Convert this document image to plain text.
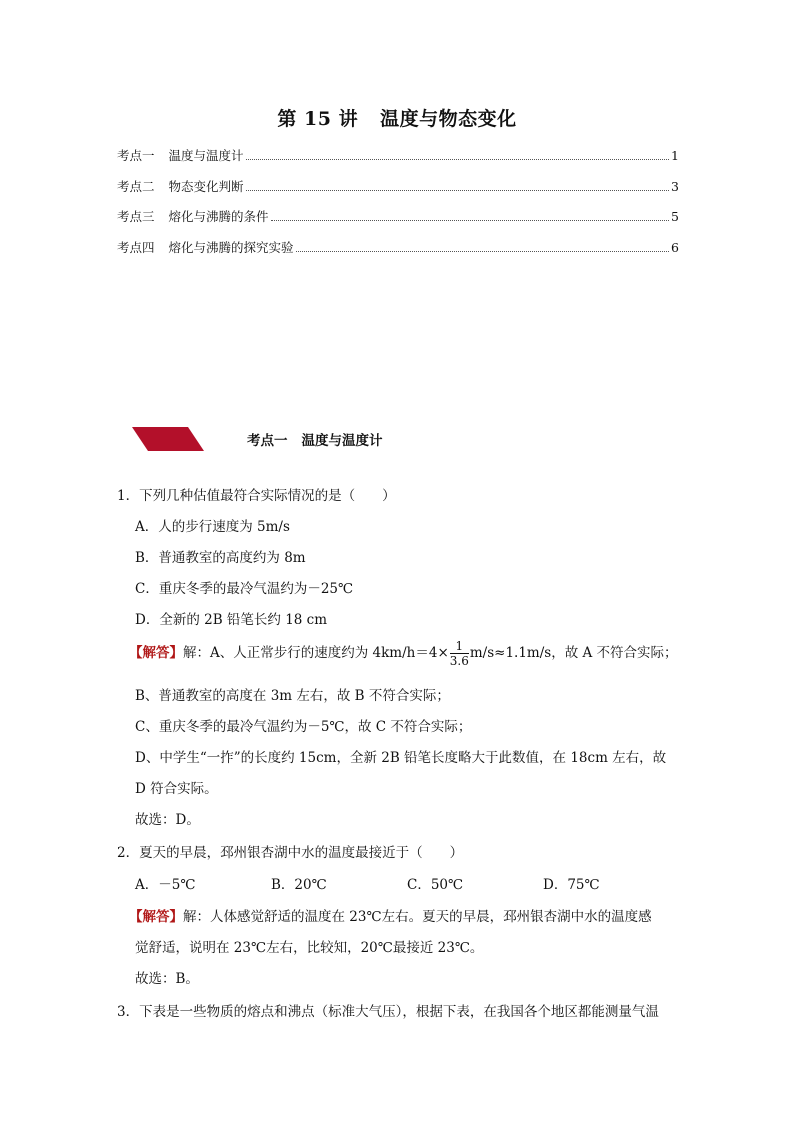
第 15 讲 温度与物态变化
考点一 温度与温度计	1
考点二 物态变化判断	3
考点三 熔化与沸腾的条件	5
考点四 熔化与沸腾的探究实验	6
考点一 温度与温度计
1．下列几种估值最符合实际情况的是（　　）
A．人的步行速度为 5m/s
B．普通教室的高度约为 8m
C．重庆冬季的最冷气温约为－25℃
D．全新的 2B 铅笔长约 18 cm
【解答】解：A、人正常步行的速度约为 $4km/h=4\times \frac{1}{3.6} m/s\approx 1.1m/s$，故 A 不符合实际；
B、普通教室的高度在 3m 左右，故 B 不符合实际；
C、重庆冬季的最冷气温约为－5℃，故 C 不符合实际；
D、中学生“一拃”的长度约 15cm，全新 2B 铅笔长度略大于此数值，在 18cm 左右，故
D 符合实际。
故选：D。
2．夏天的早晨，邳州银杏湖中水的温度最接近于（　　）
A．－5℃	B．20℃	C．50℃	D．75℃
【解答】解：人体感觉舒适的温度在 23℃左右。夏天的早晨，邳州银杏湖中水的温度感
觉舒适，说明在 23℃左右，比较知，20℃最接近 23℃。
故选：B。
3．下表是一些物质的熔点和沸点（标准大气压），根据下表，在我国各个地区都能测量气温
